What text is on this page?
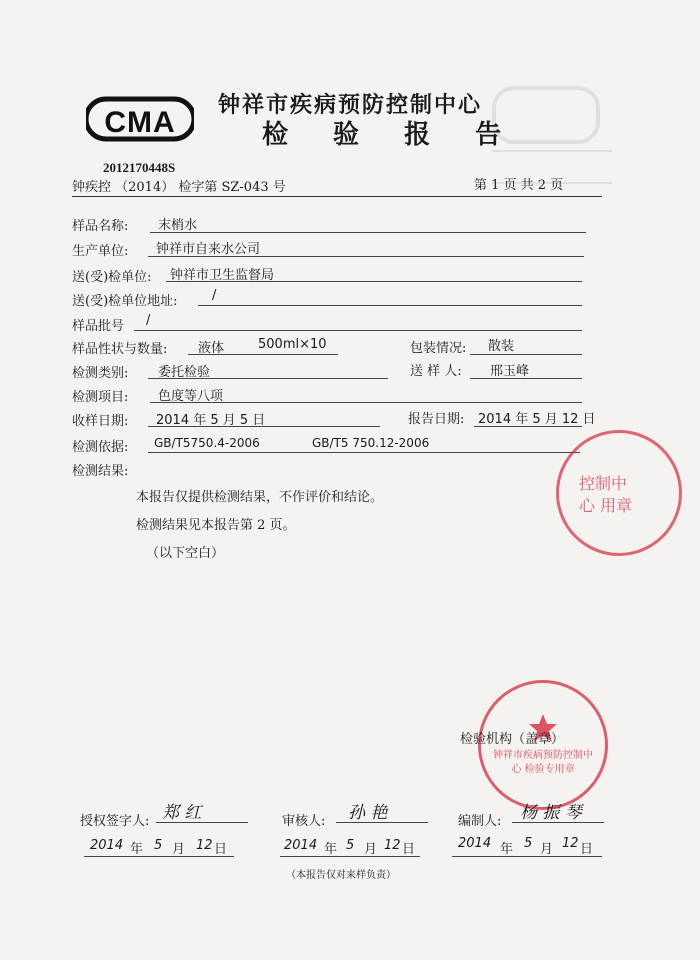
CMA
钟祥市疾病预防控制中心
检 验 报 告
2012170448S
钟疾控 （2014） 检字第 SZ-043 号	第 1 页 共 2 页
样品名称: 末梢水
生产单位: 钟祥市自来水公司
送(受)检单位: 钟祥市卫生监督局
送(受)检单位地址:	/
样品批号 /
样品性状与数量: 液体	500ml×10	包装情况: 散装
检测类别: 委托检验	送 样 人: 邢玉峰
检测项目: 色度等八项
收样日期: 2014 年 5 月 5 日	报告日期: 2014 年 5 月 12 日
检测依据: GB/T5750.4-2006	GB/T5 750.12-2006
检测结果:
本报告仅提供检测结果，不作评价和结论。
检测结果见本报告第 2 页。
（以下空白）
控制中心 用章
钟祥市疾病预防控制中心 检验专用章
检验机构（盖章）
授权签字人: 郑 红	审核人: 孙 艳	编制人: 杨 振 琴
2014 年 5 月 12 日	2014 年 5 月 12 日	2014 年 5 月 12 日
（本报告仅对来样负责）
